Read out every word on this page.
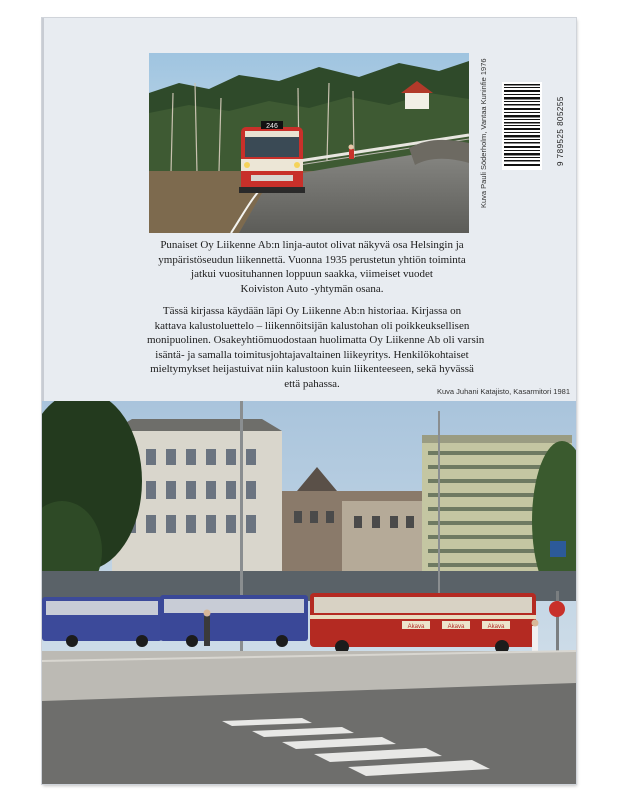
246	Kuva Pauli Söderholm, Vantaa Kuninfie 1976	9 789525 805255
Punaiset Oy Liikenne Ab:n linja-autot olivat näkyvä osa Helsingin ja
ympäristöseudun liikennettä. Vuonna 1935 perustetun yhtiön toiminta
jatkui vuosituhannen loppuun saakka, viimeiset vuodet
Koiviston Auto -yhtymän osana.
Tässä kirjassa käydään läpi Oy Liikenne Ab:n historiaa. Kirjassa on
kattava kalustoluettelo – liikennöitsijän kalustohan oli poikkeuksellisen
monipuolinen. Osakeyhtiömuodostaan huolimatta Oy Liikenne Ab oli varsin
isäntä- ja samalla toimitusjohtajavaltainen liikeyritys. Henkilökohtaiset
mieltymykset heijastuivat niin kalustoon kuin liikenteeseen, sekä hyvässä
että pahassa.
Kuva Juhani Katajisto, Kasarmitori 1981
Akava	Akava	Akava
